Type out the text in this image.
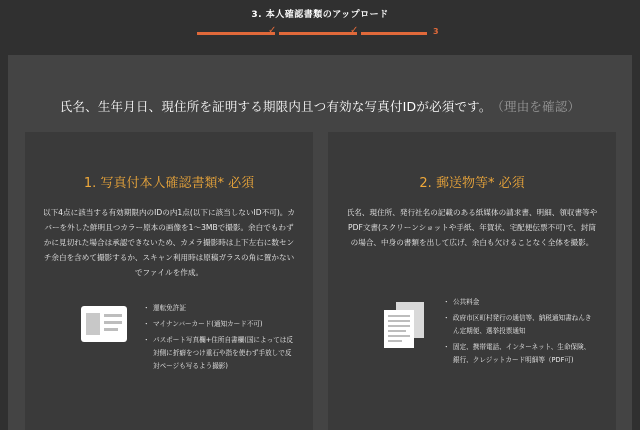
3. 本人確認書類のアップロード
✓	✓	3
氏名、生年月日、現住所を証明する期限内且つ有効な写真付IDが必須です。 （理由を確認）
1. 写真付本人確認書類* 必須
以下4点に該当する有効期限内のIDの内1点(以下に該当しないID不可)。カバーを外した鮮明且つカラー原本の画像を1〜3MBで撮影。余白でもわずかに見切れた場合は承認できないため、カメラ撮影時は上下左右に数センチ余白を含めて撮影するか、スキャン利用時は原稿ガラスの角に置かないでファイルを作成。
・ 運転免許証
・ マイナンバーカード(通知カード不可)
・ パスポート写真欄+住所自書欄(国によっては反対側に折癖をつけ重石や指を使わず手放しで反対ページも写るよう撮影)
2. 郵送物等* 必須
氏名、現住所、発行社名の記載のある紙媒体の請求書、明細、領収書等やPDF文書(スクリーンショットや手紙、年賀状、宅配便伝票不可)で、封筒の場合、中身の書類を出して広げ、余白も欠けることなく全体を撮影。
・ 公共料金
・ 政府市区町村発行の通信等、納税通知書ねんきん定期便、選挙投票通知
・ 固定、携帯電話、インターネット、生命保険、銀行、クレジットカード明細等（PDF可)
